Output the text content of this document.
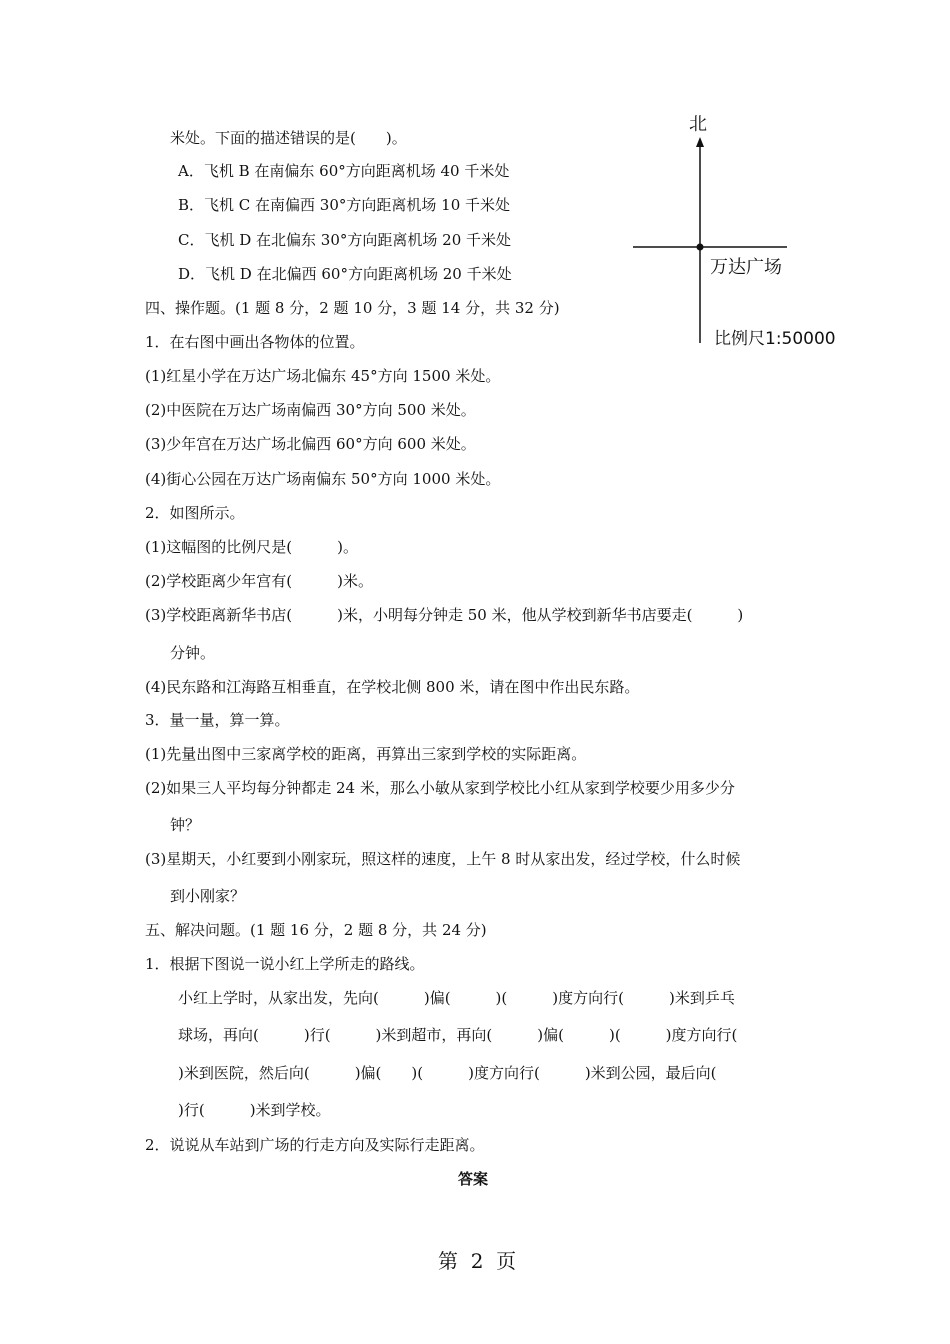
米处。下面的描述错误的是(　　)。
A．飞机 B 在南偏东 60°方向距离机场 40 千米处
B．飞机 C 在南偏西 30°方向距离机场 10 千米处
C．飞机 D 在北偏东 30°方向距离机场 20 千米处
D．飞机 D 在北偏西 60°方向距离机场 20 千米处
四、操作题。(1 题 8 分，2 题 10 分，3 题 14 分，共 32 分)
1．在右图中画出各物体的位置。
(1)红星小学在万达广场北偏东 45°方向 1500 米处。
(2)中医院在万达广场南偏西 30°方向 500 米处。
(3)少年宫在万达广场北偏西 60°方向 600 米处。
(4)街心公园在万达广场南偏东 50°方向 1000 米处。
2．如图所示。
(1)这幅图的比例尺是(　　　)。
(2)学校距离少年宫有(　　　)米。
(3)学校距离新华书店(　　　)米，小明每分钟走 50 米，他从学校到新华书店要走(　　　)
分钟。
(4)民东路和江海路互相垂直，在学校北侧 800 米，请在图中作出民东路。
3．量一量，算一算。
(1)先量出图中三家离学校的距离，再算出三家到学校的实际距离。
(2)如果三人平均每分钟都走 24 米，那么小敏从家到学校比小红从家到学校要少用多少分
钟？
(3)星期天，小红要到小刚家玩，照这样的速度，上午 8 时从家出发，经过学校，什么时候
到小刚家？
五、解决问题。(1 题 16 分，2 题 8 分，共 24 分)
1．根据下图说一说小红上学所走的路线。
小红上学时，从家出发，先向(　　　)偏(　　　)(　　　)度方向行(　　　)米到乒乓
球场，再向(　　　)行(　　　)米到超市，再向(　　　)偏(　　　)(　　　)度方向行(
)米到医院，然后向(　　　)偏(　　)(　　　)度方向行(　　　)米到公园，最后向(
)行(　　　)米到学校。
2．说说从车站到广场的行走方向及实际行走距离。
答案
第  2  页
北
万达广场
比例尺1:50000
